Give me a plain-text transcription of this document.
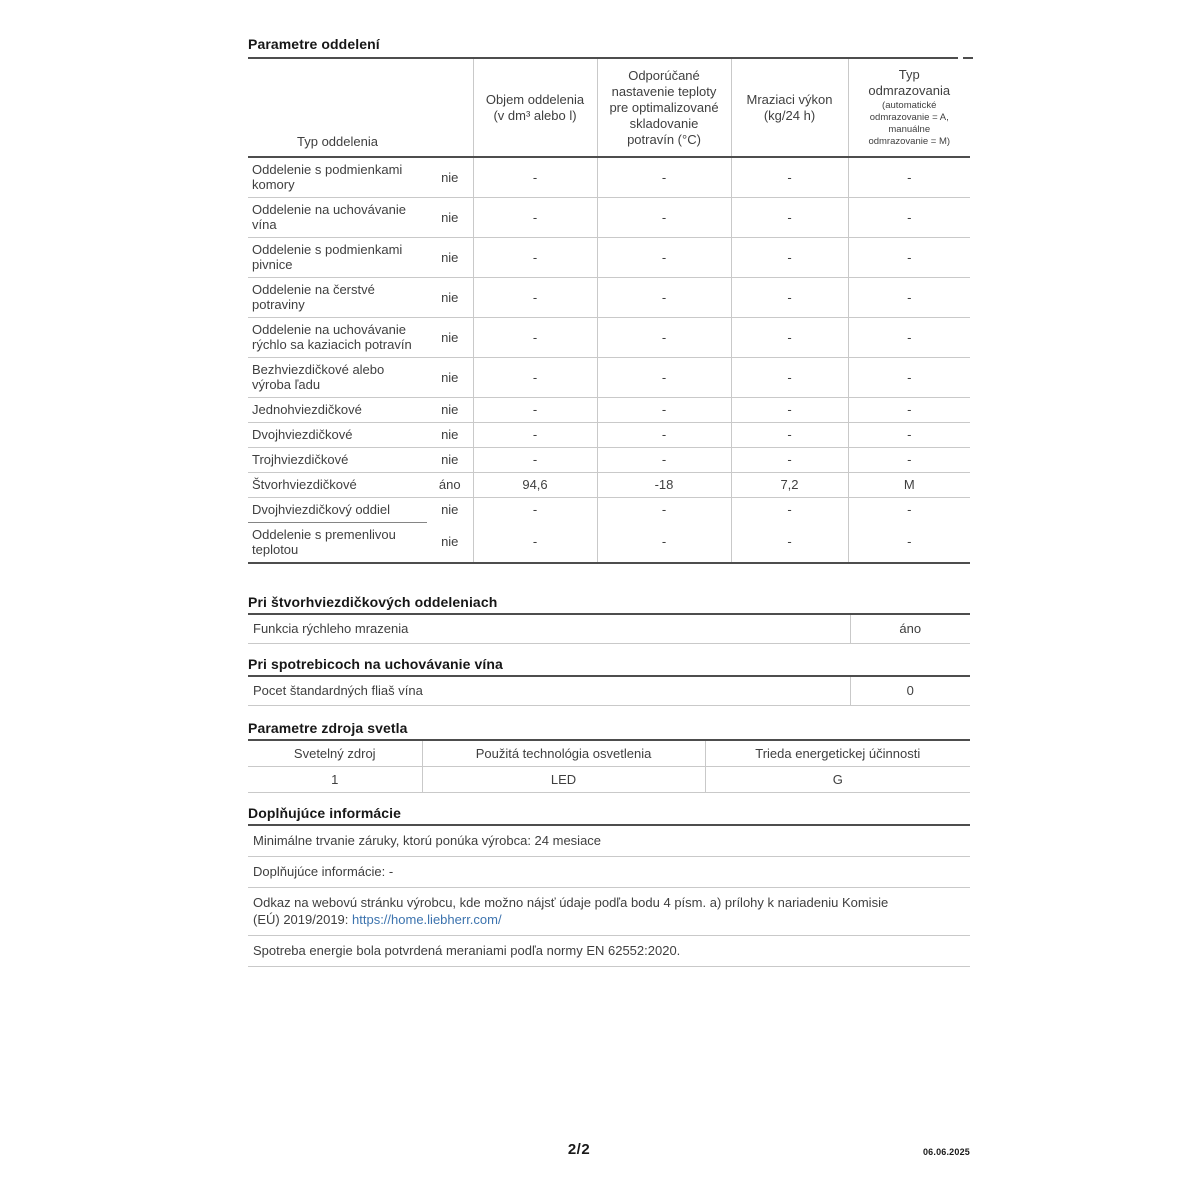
Parametre oddelení
Typ oddelenia		Objem oddelenia (v dm³ alebo l)	Odporúčané nastavenie teploty pre optimalizované skladovanie potravín (°C)	Mraziaci výkon (kg/24 h)	Typ odmrazovania
(automatické odmrazovanie = A, manuálne odmrazovanie = M)

Oddelenie s podmienkami komory	nie	-	-	-	-
Oddelenie na uchovávanie vína	nie	-	-	-	-
Oddelenie s podmienkami pivnice	nie	-	-	-	-
Oddelenie na čerstvé potraviny	nie	-	-	-	-
Oddelenie na uchovávanie rýchlo sa kaziacich potravín	nie	-	-	-	-
Bezhviezdičkové alebo výroba ľadu	nie	-	-	-	-
Jednohviezdičkové	nie	-	-	-	-
Dvojhviezdičkové	nie	-	-	-	-
Trojhviezdičkové	nie	-	-	-	-
Štvorhviezdičkové	áno	94,6	-18	7,2	M
Dvojhviezdičkový oddiel	nie	-	-	-	-
Oddelenie s premenlivou teplotou	nie	-	-	-	-
Pri štvorhviezdičkových oddeleniach
Funkcia rýchleho mrazenia	áno
Pri spotrebicoch na uchovávanie vína
Pocet štandardných fliaš vína	0
Parametre zdroja svetla
Svetelný zdroj	Použitá technológia osvetlenia	Trieda energetickej účinnosti
1	LED	G
Doplňujúce informácie
Minimálne trvanie záruky, ktorú ponúka výrobca: 24 mesiace
Doplňujúce informácie: -
Odkaz na webovú stránku výrobcu, kde možno nájsť údaje podľa bodu 4 písm. a) prílohy k nariadeniu Komisie
(EÚ) 2019/2019: https://home.liebherr.com/
Spotreba energie bola potvrdená meraniami podľa normy EN 62552:2020.
2/2	06.06.2025
